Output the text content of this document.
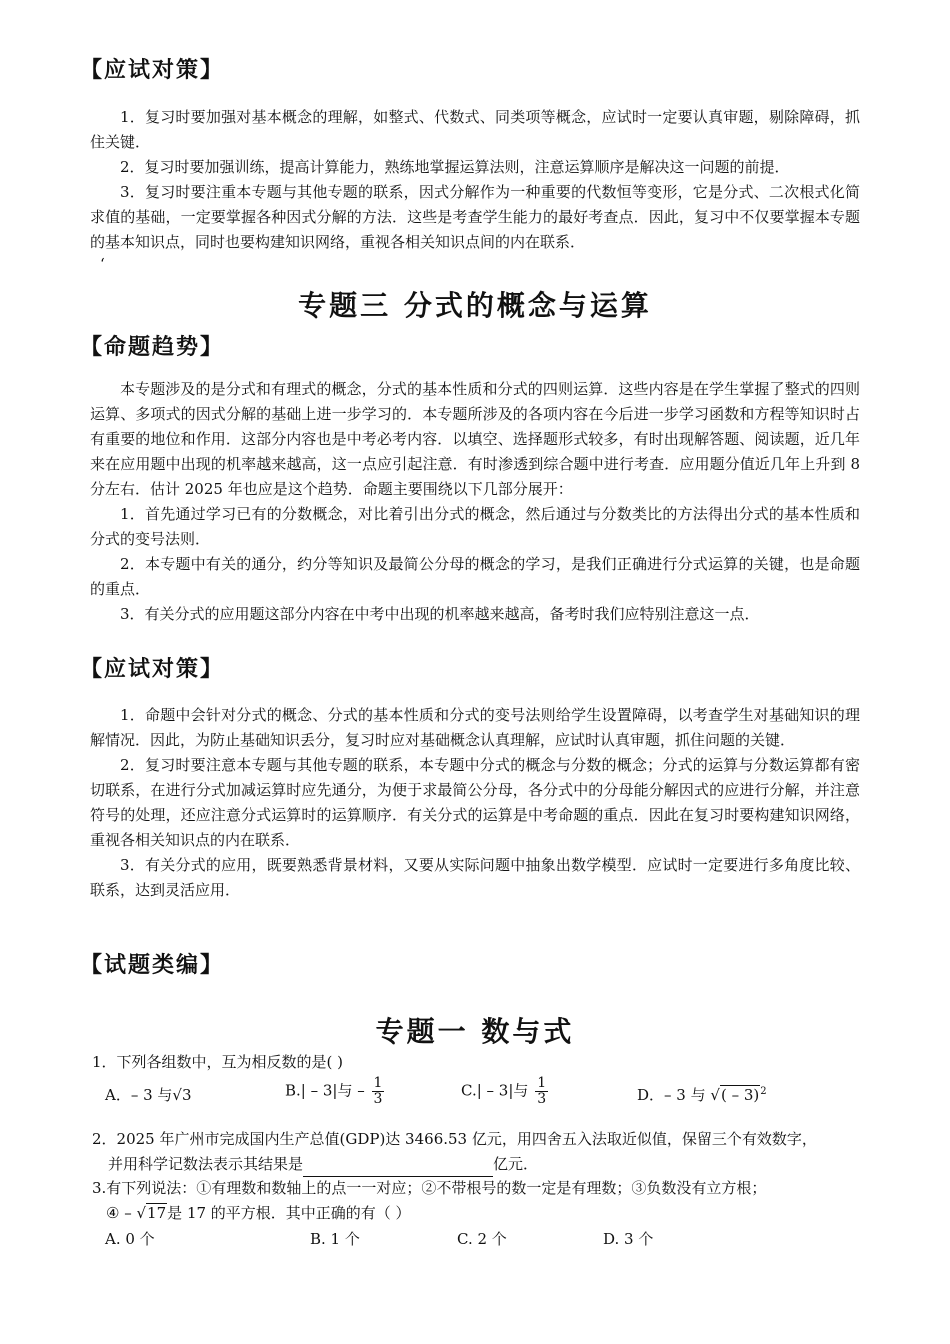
【应试对策】

1．复习时要加强对基本概念的理解，如整式、代数式、同类项等概念，应试时一定要认真审题，剔除障碍，抓住关键．

2．复习时要加强训练，提高计算能力，熟练地掌握运算法则，注意运算顺序是解决这一问题的前提．

3．复习时要注重本专题与其他专题的联系，因式分解作为一种重要的代数恒等变形，它是分式、二次根式化简求值的基础，一定要掌握各种因式分解的方法．这些是考查学生能力的最好考查点．因此，复习中不仅要掌握本专题的基本知识点，同时也要构建知识网络，重视各相关知识点间的内在联系．

‘
专题三 分式的概念与运算
【命题趋势】

本专题涉及的是分式和有理式的概念，分式的基本性质和分式的四则运算．这些内容是在学生掌握了整式的四则运算、多项式的因式分解的基础上进一步学习的．本专题所涉及的各项内容在今后进一步学习函数和方程等知识时占有重要的地位和作用．这部分内容也是中考必考内容．以填空、选择题形式较多，有时出现解答题、阅读题，近几年来在应用题中出现的机率越来越高，这一点应引起注意．有时渗透到综合题中进行考查．应用题分值近几年上升到 8 分左右．估计 2025 年也应是这个趋势．命题主要围绕以下几部分展开：

1．首先通过学习已有的分数概念，对比着引出分式的概念，然后通过与分数类比的方法得出分式的基本性质和分式的变号法则．

2．本专题中有关的通分，约分等知识及最简公分母的概念的学习，是我们正确进行分式运算的关键，也是命题的重点．

3．有关分式的应用题这部分内容在中考中出现的机率越来越高，备考时我们应特别注意这一点．

【应试对策】

1．命题中会针对分式的概念、分式的基本性质和分式的变号法则给学生设置障碍，以考查学生对基础知识的理解情况．因此，为防止基础知识丢分，复习时应对基础概念认真理解，应试时认真审题，抓住问题的关键．

2．复习时要注意本专题与其他专题的联系，本专题中分式的概念与分数的概念；分式的运算与分数运算都有密切联系，在进行分式加减运算时应先通分，为便于求最简公分母，各分式中的分母能分解因式的应进行分解，并注意符号的处理，还应注意分式运算时的运算顺序．有关分式的运算是中考命题的重点．因此在复习时要构建知识网络，重视各相关知识点的内在联系．

3．有关分式的应用，既要熟悉背景材料，又要从实际问题中抽象出数学模型．应试时一定要进行多角度比较、联系，达到灵活应用．

【试题类编】
专题一 数与式
1．下列各组数中，互为相反数的是( )
A．– 3 与√3	B.| – 3|与 – $\frac{1}{3}$	C.| – 3|与 $\frac{1}{3}$	D．– 3 与 √( – 3)$^2$
2．2025 年广州市完成国内生产总值(GDP)达 3466.53 亿元，用四舍五入法取近似值，保留三个有效数字，
并用科学记数法表示其结果是	亿元．
3.有下列说法：①有理数和数轴上的点一一对应；②不带根号的数一定是有理数；③负数没有立方根；
④ – √17是 17 的平方根．其中正确的有（ ）
A. 0 个	B. 1 个	C. 2 个	D. 3 个
